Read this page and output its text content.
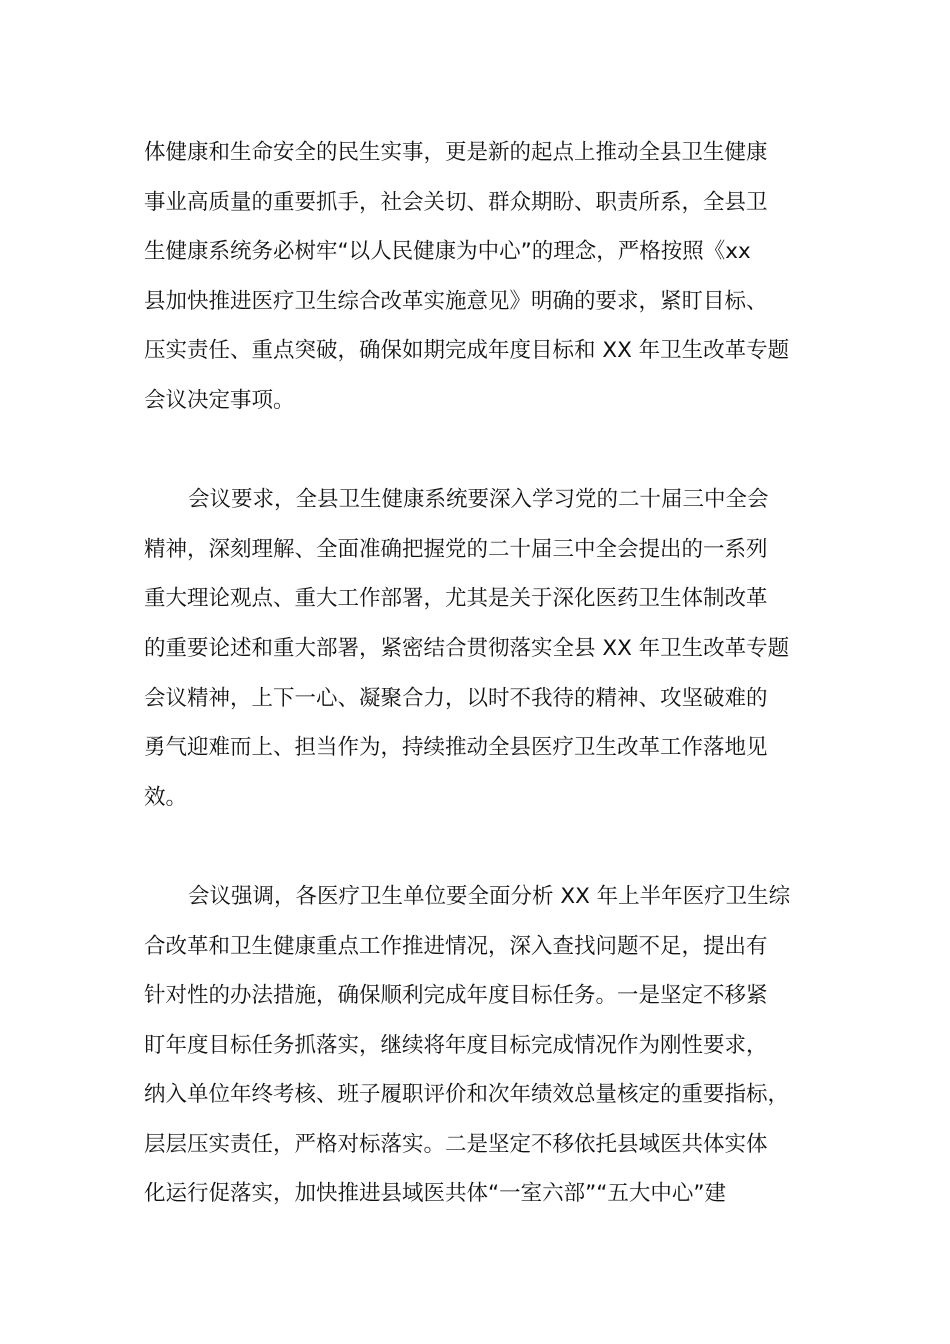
体健康和生命安全的民生实事，更是新的起点上推动全县卫生健康
事业高质量的重要抓手，社会关切、群众期盼、职责所系，全县卫
生健康系统务必树牢“以人民健康为中心”的理念，严格按照《xx
县加快推进医疗卫生综合改革实施意见》明确的要求，紧盯目标、
压实责任、重点突破，确保如期完成年度目标和 XX 年卫生改革专题
会议决定事项。
会议要求，全县卫生健康系统要深入学习党的二十届三中全会
精神，深刻理解、全面准确把握党的二十届三中全会提出的一系列
重大理论观点、重大工作部署，尤其是关于深化医药卫生体制改革
的重要论述和重大部署，紧密结合贯彻落实全县 XX 年卫生改革专题
会议精神，上下一心、凝聚合力，以时不我待的精神、攻坚破难的
勇气迎难而上、担当作为，持续推动全县医疗卫生改革工作落地见
效。
会议强调，各医疗卫生单位要全面分析 XX 年上半年医疗卫生综
合改革和卫生健康重点工作推进情况，深入查找问题不足，提出有
针对性的办法措施，确保顺利完成年度目标任务。一是坚定不移紧
盯年度目标任务抓落实，继续将年度目标完成情况作为刚性要求，
纳入单位年终考核、班子履职评价和次年绩效总量核定的重要指标，
层层压实责任，严格对标落实。二是坚定不移依托县域医共体实体
化运行促落实，加快推进县域医共体“一室六部”“五大中心”建
